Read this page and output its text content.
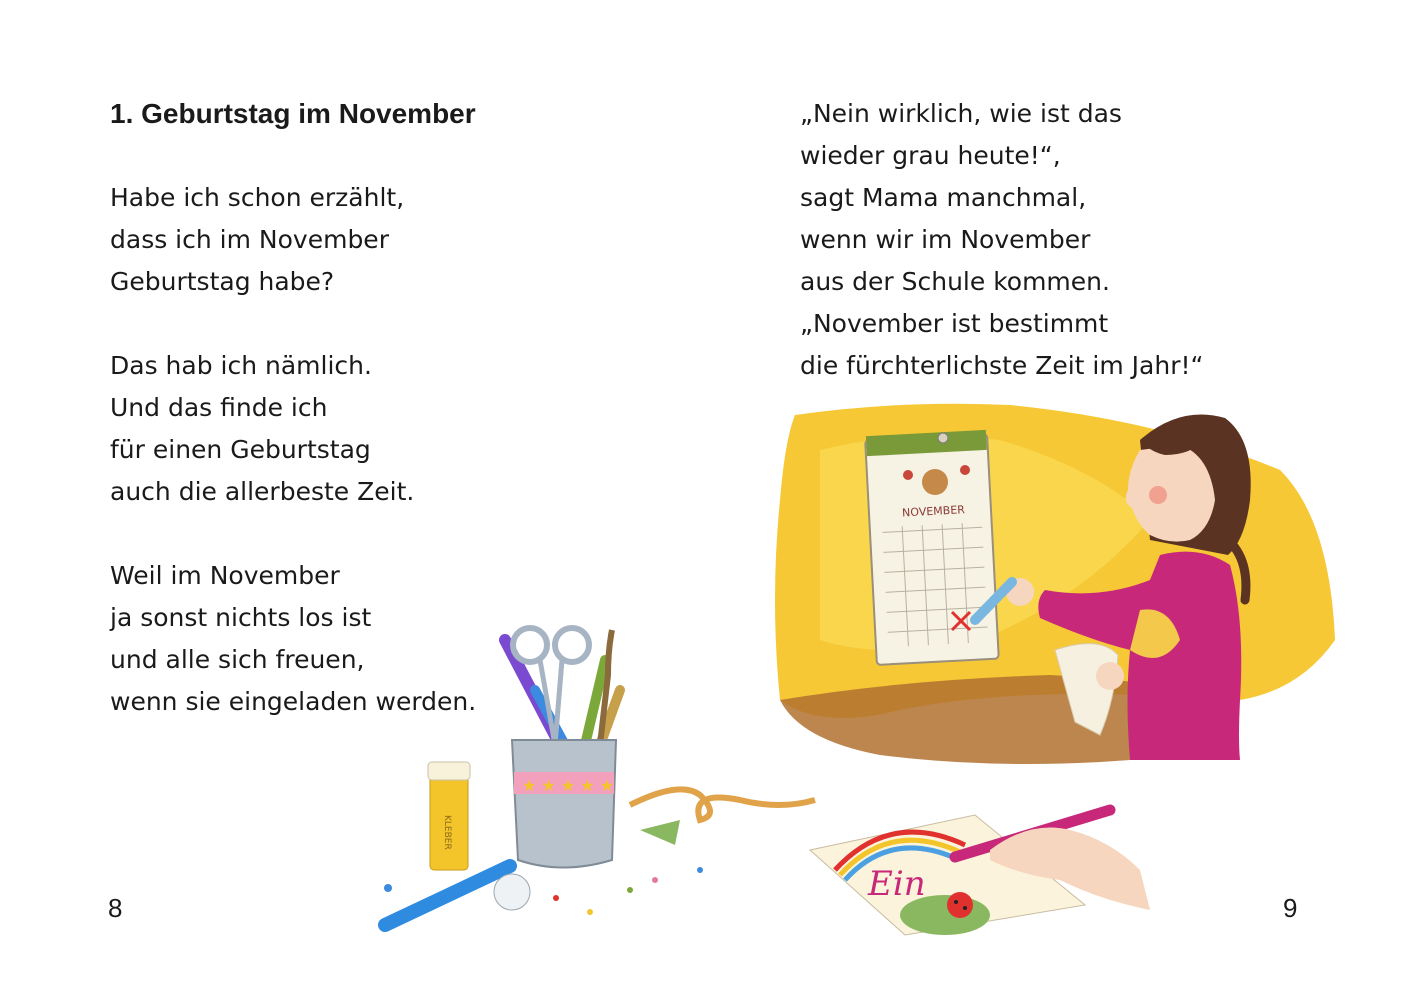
1. Geburtstag im November
Habe ich schon erzählt,
dass ich im November
Geburtstag habe?
Das hab ich nämlich.
Und das finde ich
für einen Geburtstag
auch die allerbeste Zeit.
Weil im November
ja sonst nichts los ist
und alle sich freuen,
wenn sie eingeladen werden.
8
„Nein wirklich, wie ist das
wieder grau heute!“,
sagt Mama manchmal,
wenn wir im November
aus der Schule kommen.
„November ist bestimmt
die fürchterlichste Zeit im Jahr!“
9
NOVEMBER
★ ★ ★ ★ ★
KLEBER
Ein
